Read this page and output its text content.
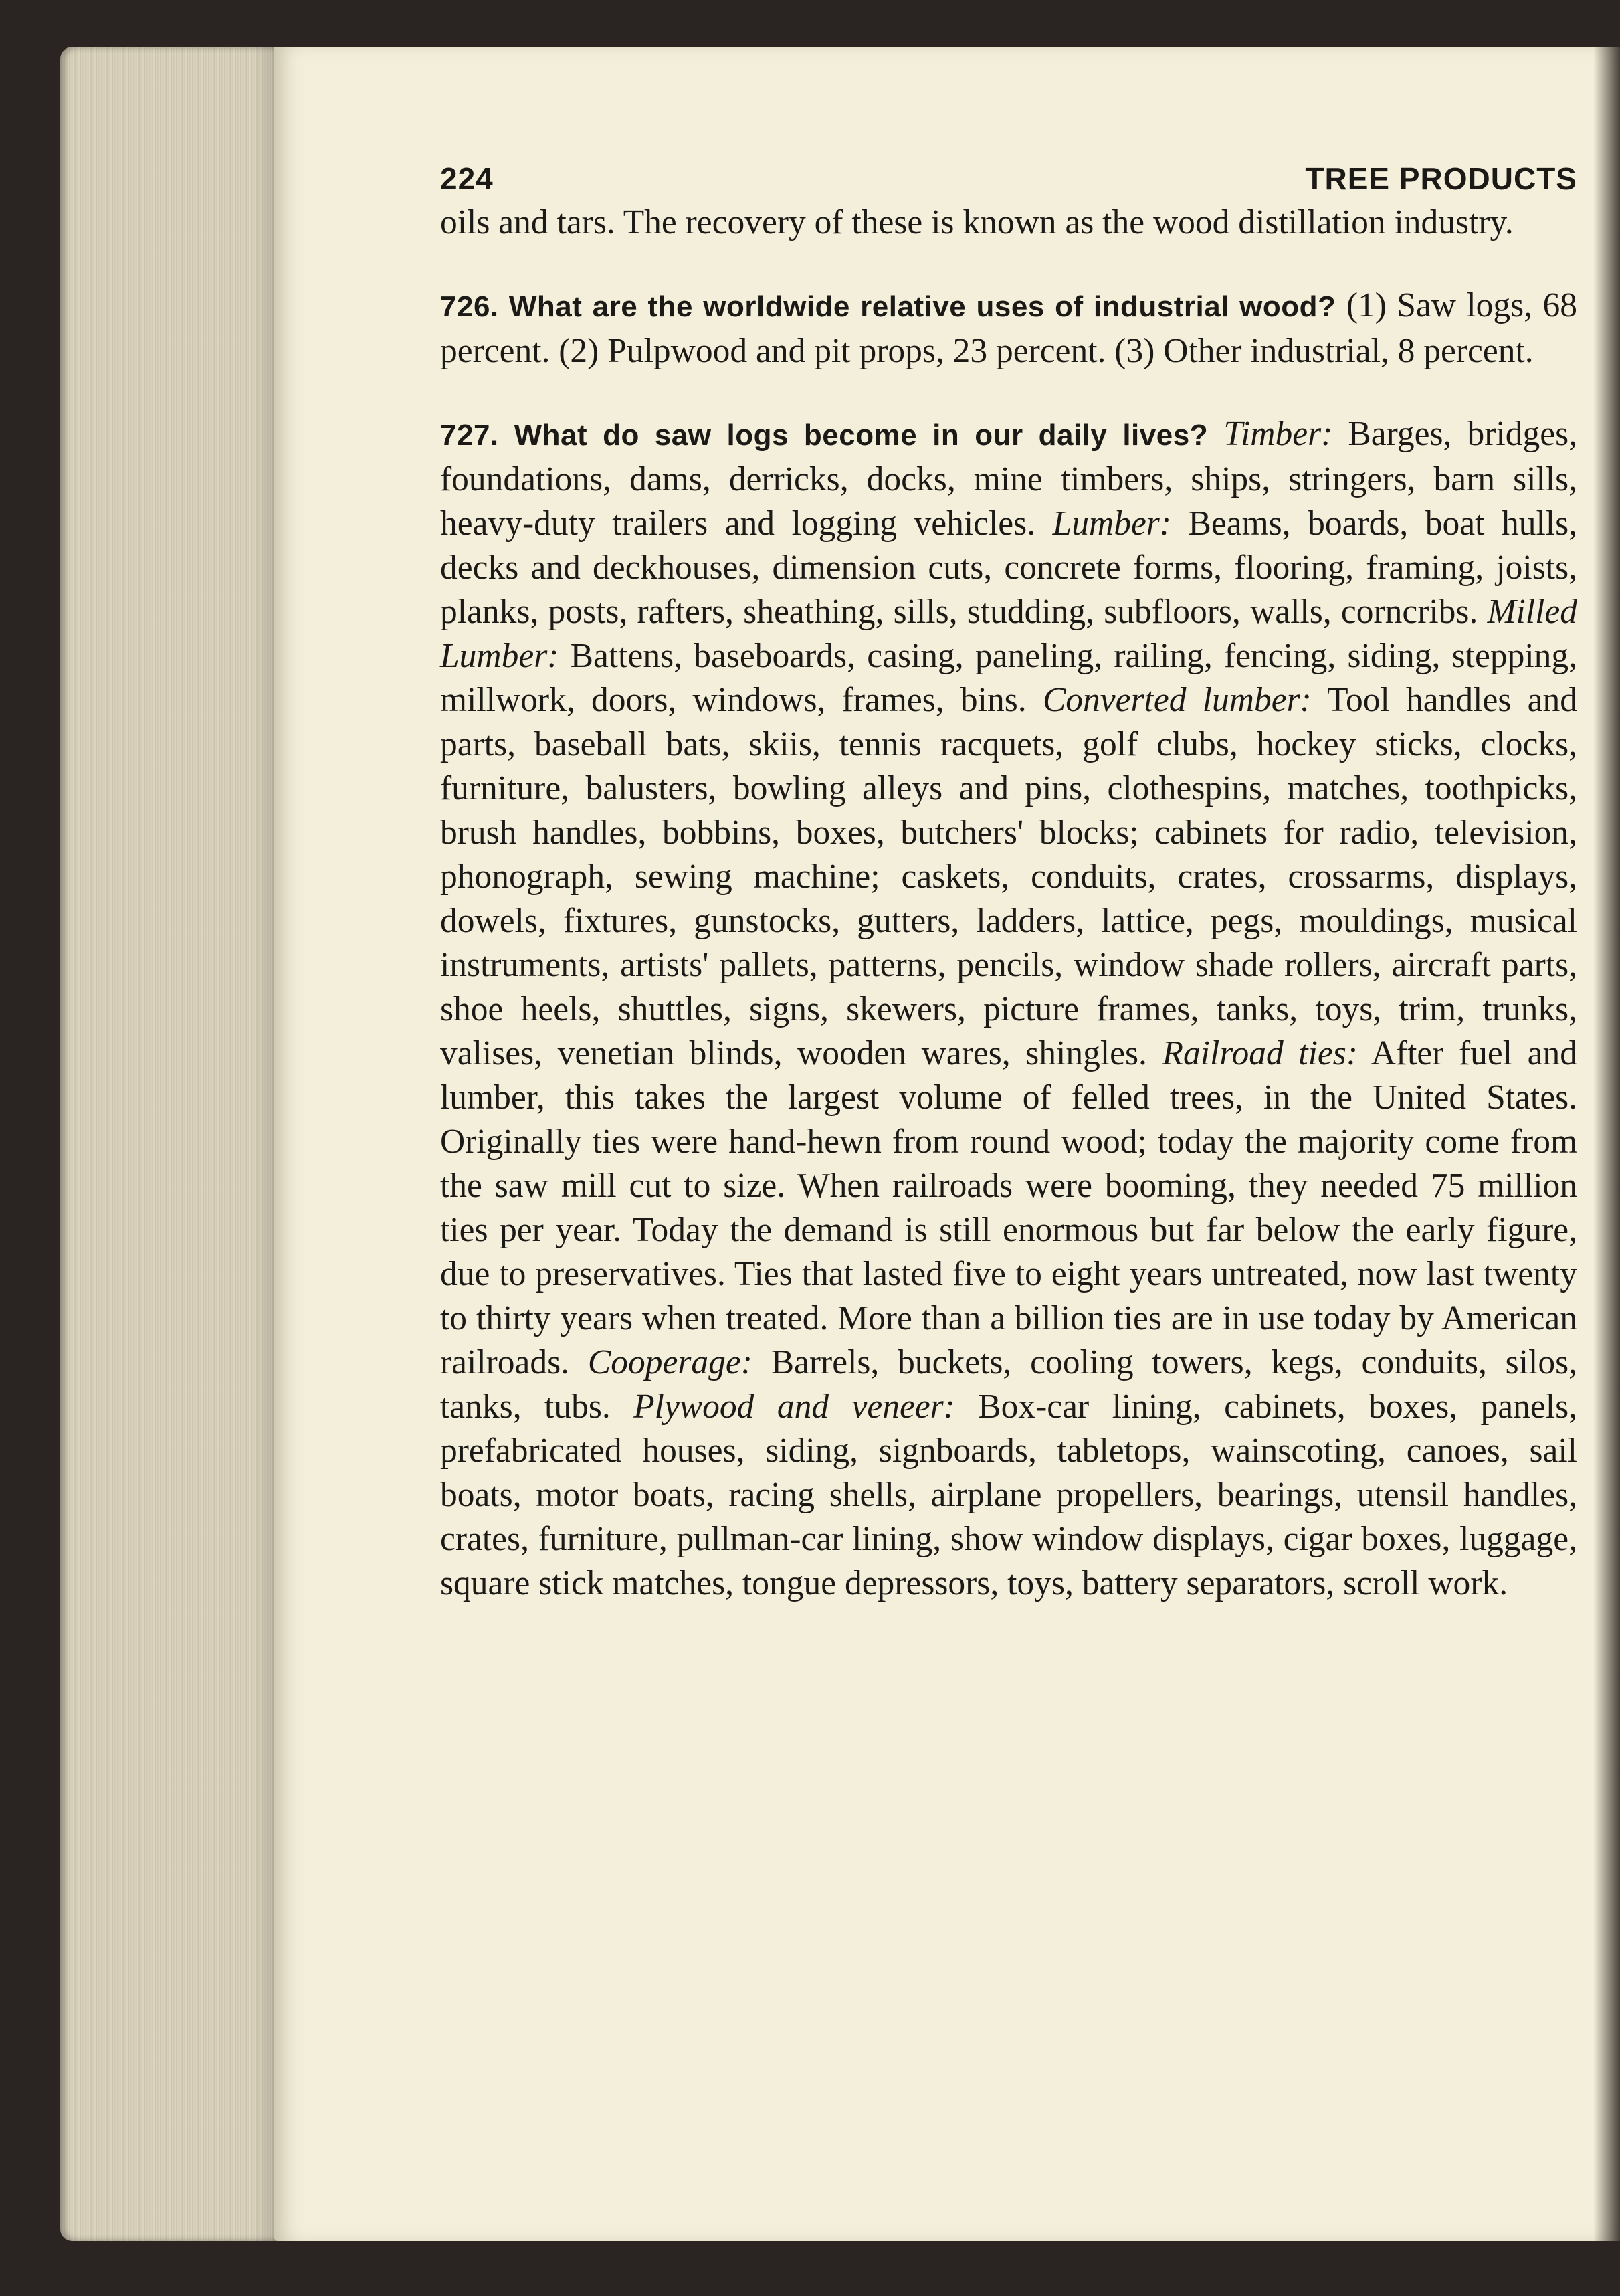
224	TREE PRODUCTS

oils and tars. The recovery of these is known as the wood distillation industry.

726. What are the worldwide relative uses of industrial wood? (1) Saw logs, 68 percent. (2) Pulpwood and pit props, 23 percent. (3) Other industrial, 8 percent.

727. What do saw logs become in our daily lives? Timber: Barges, bridges, foundations, dams, derricks, docks, mine timbers, ships, stringers, barn sills, heavy-duty trailers and logging vehicles. Lumber: Beams, boards, boat hulls, decks and deckhouses, dimension cuts, concrete forms, flooring, framing, joists, planks, posts, rafters, sheathing, sills, studding, subfloors, walls, corncribs. Milled Lumber: Battens, baseboards, casing, paneling, railing, fencing, siding, stepping, millwork, doors, windows, frames, bins. Converted lumber: Tool handles and parts, baseball bats, skiis, tennis racquets, golf clubs, hockey sticks, clocks, furniture, balusters, bowling alleys and pins, clothespins, matches, toothpicks, brush handles, bobbins, boxes, butchers' blocks; cabinets for radio, television, phonograph, sewing machine; caskets, conduits, crates, crossarms, displays, dowels, fixtures, gunstocks, gutters, ladders, lattice, pegs, mouldings, musical instruments, artists' pallets, patterns, pencils, window shade rollers, aircraft parts, shoe heels, shuttles, signs, skewers, picture frames, tanks, toys, trim, trunks, valises, venetian blinds, wooden wares, shingles. Railroad ties: After fuel and lumber, this takes the largest volume of felled trees, in the United States. Originally ties were hand-hewn from round wood; today the majority come from the saw mill cut to size. When railroads were booming, they needed 75 million ties per year. Today the demand is still enormous but far below the early figure, due to preservatives. Ties that lasted five to eight years untreated, now last twenty to thirty years when treated. More than a billion ties are in use today by American railroads. Cooperage: Barrels, buckets, cooling towers, kegs, conduits, silos, tanks, tubs. Plywood and veneer: Box-car lining, cabinets, boxes, panels, prefabricated houses, siding, signboards, tabletops, wainscoting, canoes, sail boats, motor boats, racing shells, airplane propellers, bearings, utensil handles, crates, furniture, pullman-car lining, show window displays, cigar boxes, luggage, square stick matches, tongue depressors, toys, battery separators, scroll work.
